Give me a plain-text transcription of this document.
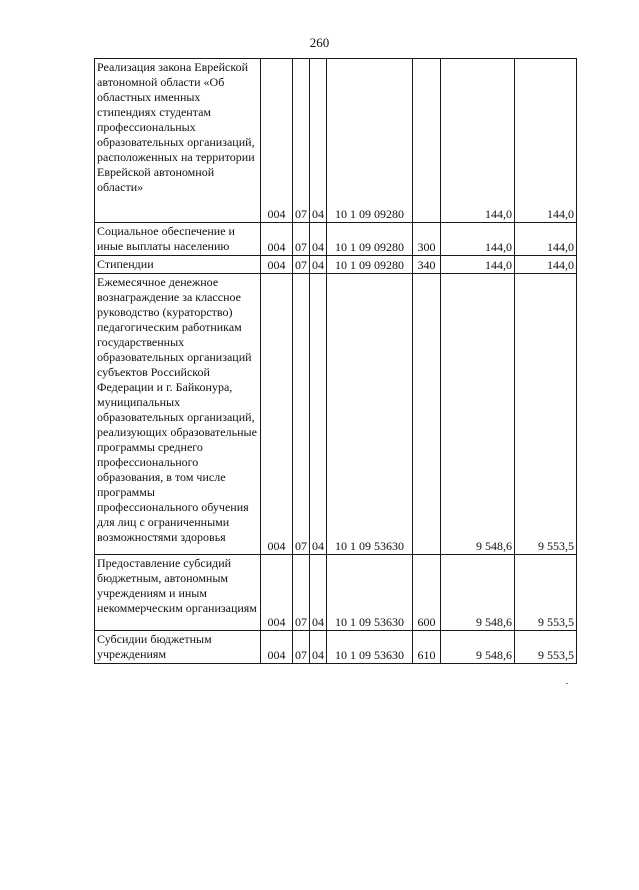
260
Реализация закона Еврейской автономной области «Об областных именных стипендиях студентам профессиональных образовательных организаций, расположенных на территории Еврейской автономной области»	004	07	04	10 1 09 09280		144,0	144,0
Социальное обеспечение и иные выплаты населению	004	07	04	10 1 09 09280	300	144,0	144,0
Стипендии	004	07	04	10 1 09 09280	340	144,0	144,0
Ежемесячное денежное вознаграждение за классное руководство (кураторство) педагогическим работникам государственных образовательных организаций субъектов Российской Федерации и г. Байконура, муниципальных образовательных организаций, реализующих образовательные программы среднего профессионального образования, в том числе программы профессионального обучения для лиц с ограниченными возможностями здоровья	004	07	04	10 1 09 53630		9 548,6	9 553,5
Предоставление субсидий бюджетным, автономным учреждениям и иным некоммерческим организациям	004	07	04	10 1 09 53630	600	9 548,6	9 553,5
Субсидии бюджетным учреждениям	004	07	04	10 1 09 53630	610	9 548,6	9 553,5
